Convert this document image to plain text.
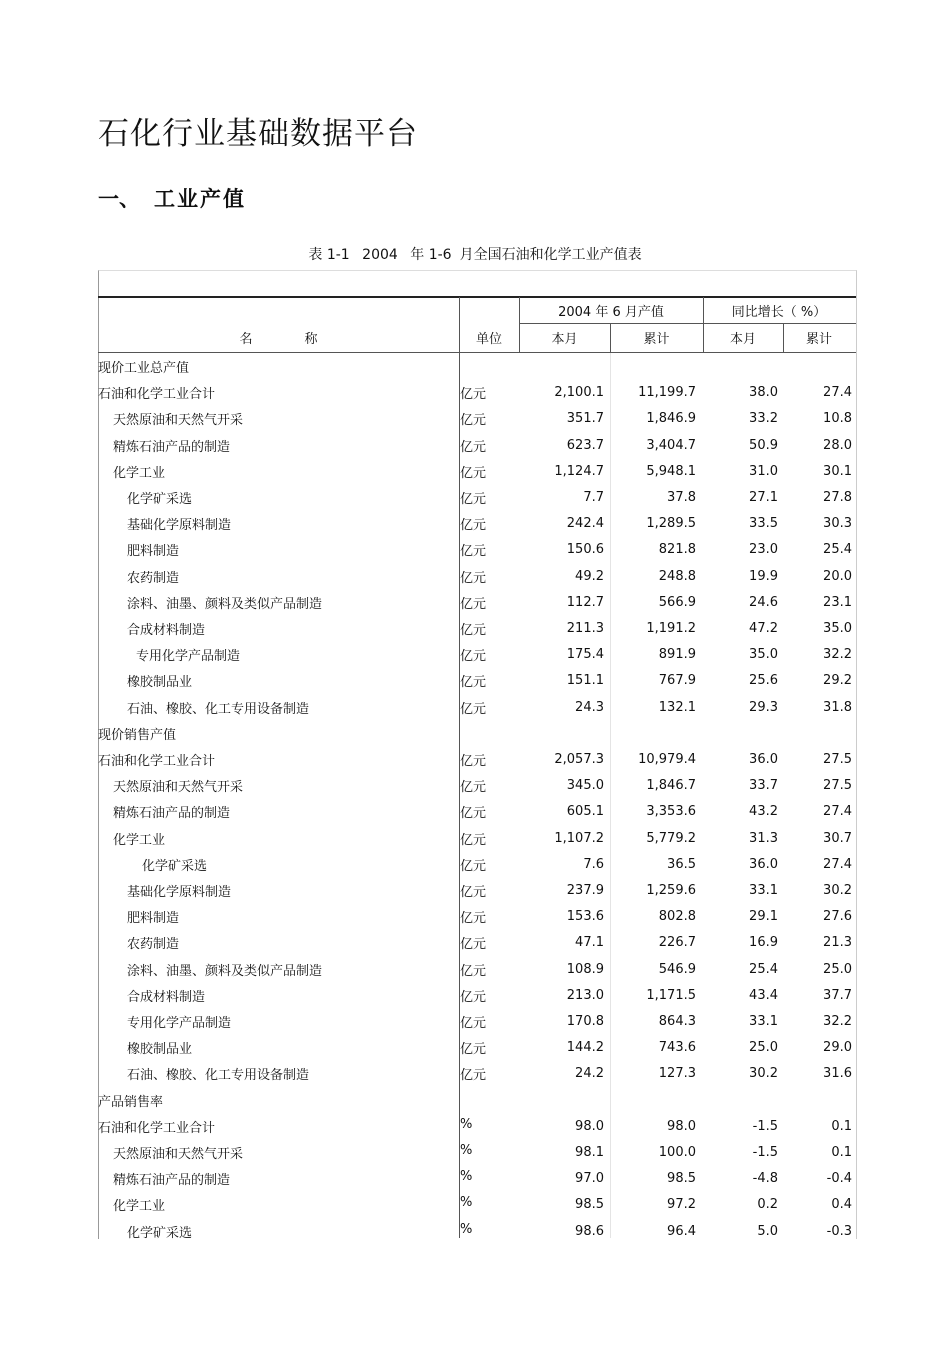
石化行业基础数据平台
一、 工业产值
表 1-1 2004 年 1-6 月全国石油和化学工业产值表
名　　　　称	单位
2004 年 6 月产值	同比增长（ %）
本月	累计	本月	累计
现价工业总产值
石油和化学工业合计	亿元	2,100.1	11,199.7	38.0	27.4
天然原油和天然气开采	亿元	351.7	1,846.9	33.2	10.8
精炼石油产品的制造	亿元	623.7	3,404.7	50.9	28.0
化学工业	亿元	1,124.7	5,948.1	31.0	30.1
化学矿采选	亿元	7.7	37.8	27.1	27.8
基础化学原料制造	亿元	242.4	1,289.5	33.5	30.3
肥料制造	亿元	150.6	821.8	23.0	25.4
农药制造	亿元	49.2	248.8	19.9	20.0
涂料、油墨、颜料及类似产品制造	亿元	112.7	566.9	24.6	23.1
合成材料制造	亿元	211.3	1,191.2	47.2	35.0
专用化学产品制造	亿元	175.4	891.9	35.0	32.2
橡胶制品业	亿元	151.1	767.9	25.6	29.2
石油、橡胶、化工专用设备制造	亿元	24.3	132.1	29.3	31.8
现价销售产值
石油和化学工业合计	亿元	2,057.3	10,979.4	36.0	27.5
天然原油和天然气开采	亿元	345.0	1,846.7	33.7	27.5
精炼石油产品的制造	亿元	605.1	3,353.6	43.2	27.4
化学工业	亿元	1,107.2	5,779.2	31.3	30.7
化学矿采选	亿元	7.6	36.5	36.0	27.4
基础化学原料制造	亿元	237.9	1,259.6	33.1	30.2
肥料制造	亿元	153.6	802.8	29.1	27.6
农药制造	亿元	47.1	226.7	16.9	21.3
涂料、油墨、颜料及类似产品制造	亿元	108.9	546.9	25.4	25.0
合成材料制造	亿元	213.0	1,171.5	43.4	37.7
专用化学产品制造	亿元	170.8	864.3	33.1	32.2
橡胶制品业	亿元	144.2	743.6	25.0	29.0
石油、橡胶、化工专用设备制造	亿元	24.2	127.3	30.2	31.6
产品销售率
石油和化学工业合计	%	98.0	98.0	-1.5	0.1
天然原油和天然气开采	%	98.1	100.0	-1.5	0.1
精炼石油产品的制造	%	97.0	98.5	-4.8	-0.4
化学工业	%	98.5	97.2	0.2	0.4
化学矿采选	%	98.6	96.4	5.0	-0.3
